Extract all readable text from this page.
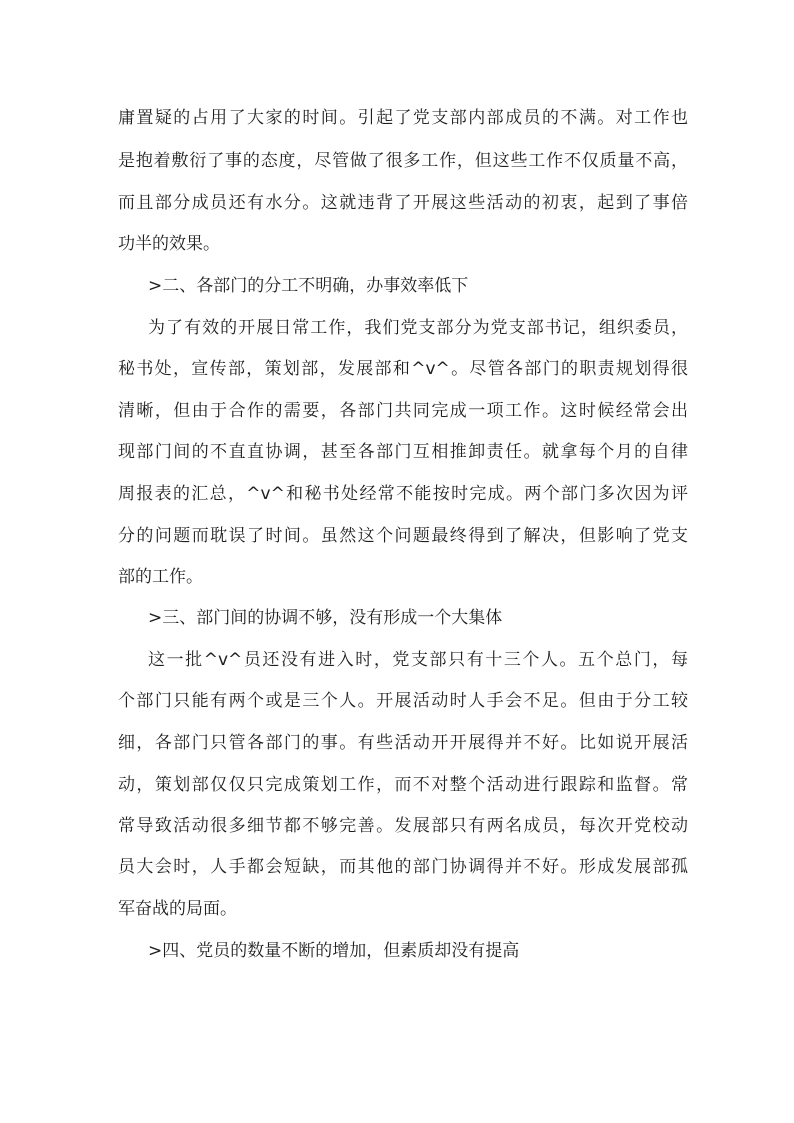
庸置疑的占用了大家的时间。引起了党支部内部成员的不满。对工作也
是抱着敷衍了事的态度，尽管做了很多工作，但这些工作不仅质量不高，
而且部分成员还有水分。这就违背了开展这些活动的初衷，起到了事倍
功半的效果。
>二、各部门的分工不明确，办事效率低下
为了有效的开展日常工作，我们党支部分为党支部书记，组织委员，
秘书处，宣传部，策划部，发展部和^v^。尽管各部门的职责规划得很
清晰，但由于合作的需要，各部门共同完成一项工作。这时候经常会出
现部门间的不直直协调，甚至各部门互相推卸责任。就拿每个月的自律
周报表的汇总，^v^和秘书处经常不能按时完成。两个部门多次因为评
分的问题而耽误了时间。虽然这个问题最终得到了解决，但影响了党支
部的工作。
>三、部门间的协调不够，没有形成一个大集体
这一批^v^员还没有进入时，党支部只有十三个人。五个总门，每
个部门只能有两个或是三个人。开展活动时人手会不足。但由于分工较
细，各部门只管各部门的事。有些活动开开展得并不好。比如说开展活
动，策划部仅仅只完成策划工作，而不对整个活动进行跟踪和监督。常
常导致活动很多细节都不够完善。发展部只有两名成员，每次开党校动
员大会时，人手都会短缺，而其他的部门协调得并不好。形成发展部孤
军奋战的局面。
>四、党员的数量不断的增加，但素质却没有提高
